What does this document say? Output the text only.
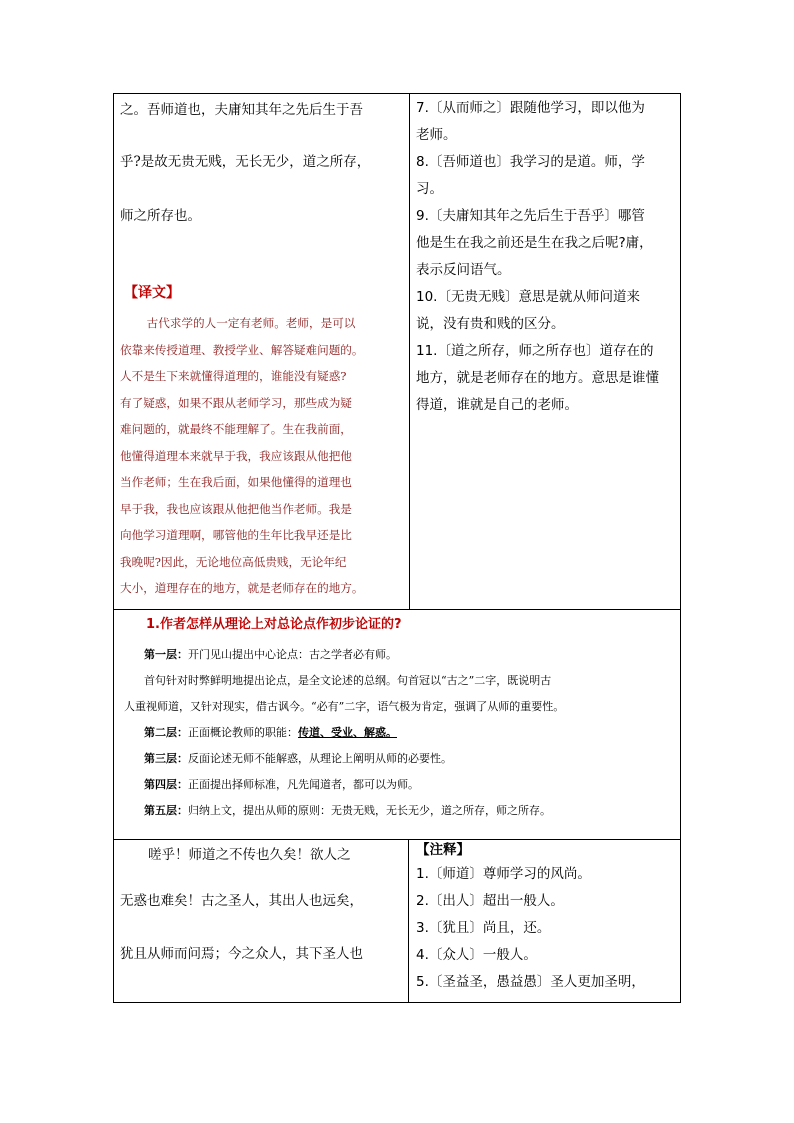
之。吾师道也，夫庸知其年之先后生于吾

乎?是故无贵无贱，无长无少，道之所存，

师之所存也。

【译文】

古代求学的人一定有老师。老师，是可以

依靠来传授道理、教授学业、解答疑难问题的。

人不是生下来就懂得道理的，谁能没有疑惑?

有了疑惑，如果不跟从老师学习，那些成为疑

难问题的，就最终不能理解了。生在我前面，

他懂得道理本来就早于我，我应该跟从他把他

当作老师；生在我后面，如果他懂得的道理也

早于我，我也应该跟从他把他当作老师。我是

向他学习道理啊，哪管他的生年比我早还是比

我晚呢?因此，无论地位高低贵贱，无论年纪

大小，道理存在的地方，就是老师存在的地方。

7.〔从而师之〕跟随他学习，即以他为

老师。

8.〔吾师道也〕我学习的是道。师，学

习。

9.〔夫庸知其年之先后生于吾乎〕哪管

他是生在我之前还是生在我之后呢?庸，

表示反问语气。

10.〔无贵无贱〕意思是就从师问道来

说，没有贵和贱的区分。

11.〔道之所存，师之所存也〕道存在的

地方，就是老师存在的地方。意思是谁懂

得道，谁就是自己的老师。

1.作者怎样从理论上对总论点作初步论证的?

第一层：开门见山提出中心论点：古之学者必有师。

首句针对时弊鲜明地提出论点，是全文论述的总纲。句首冠以“古之”二字，既说明古

人重视师道，又针对现实，借古讽今。“必有”二字，语气极为肯定，强调了从师的重要性。

第二层：正面概论教师的职能：传道、受业、解惑。

第三层：反面论述无师不能解惑，从理论上阐明从师的必要性。

第四层：正面提出择师标准，凡先闻道者，都可以为师。

第五层：归纳上文，提出从师的原则：无贵无贱，无长无少，道之所存，师之所存。

嗟乎！师道之不传也久矣！欲人之

无惑也难矣！古之圣人，其出人也远矣，

犹且从师而问焉；今之众人，其下圣人也

【注释】

1.〔师道〕尊师学习的风尚。

2.〔出人〕超出一般人。

3.〔犹且〕尚且，还。

4.〔众人〕一般人。

5.〔圣益圣，愚益愚〕圣人更加圣明，
